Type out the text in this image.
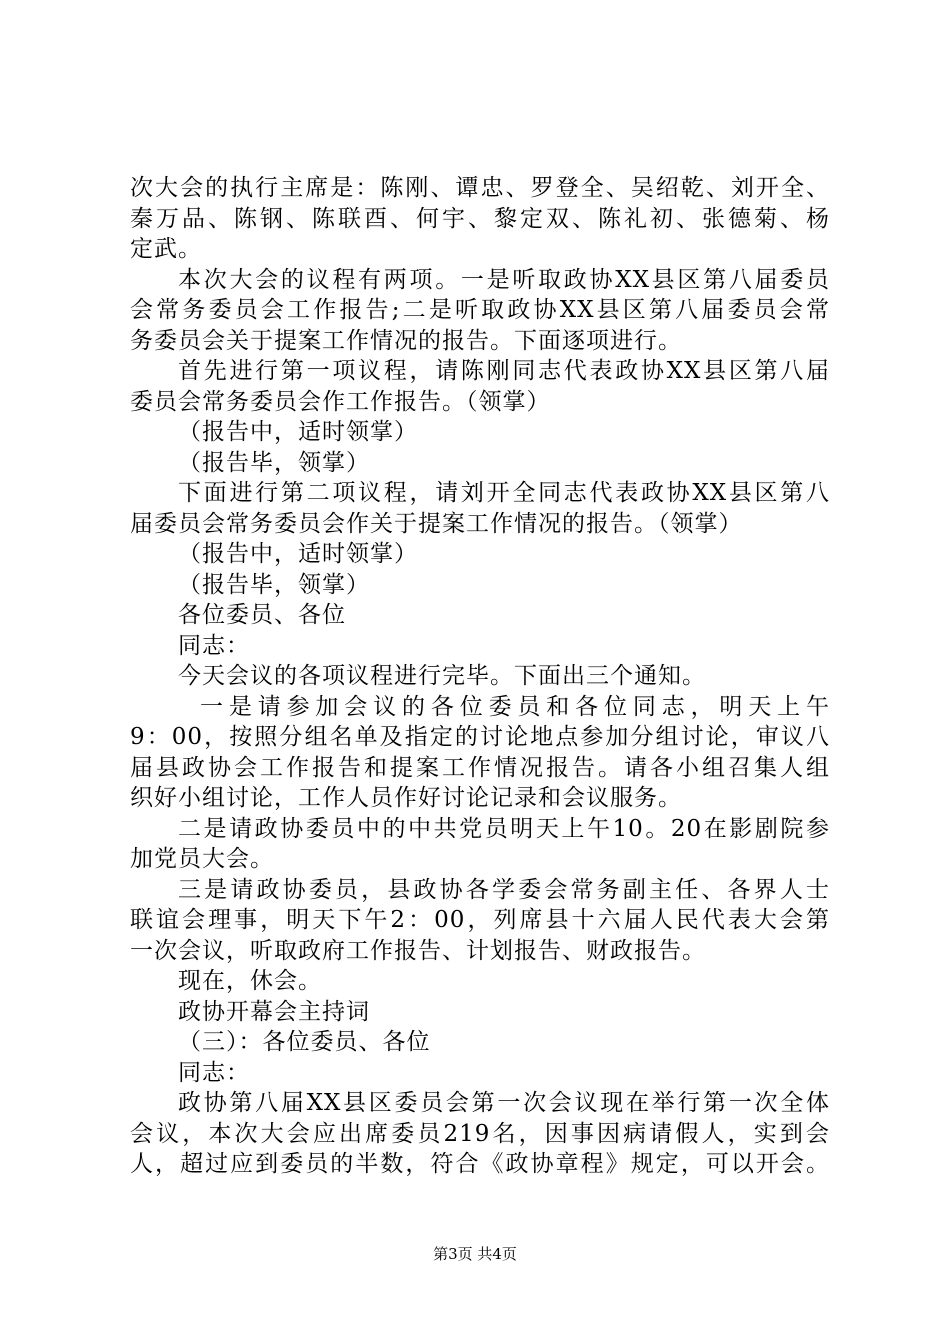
次大会的执行主席是：陈刚、谭忠、罗登全、吴绍乾、刘开全、
秦万品、陈钢、陈联酉、何宇、黎定双、陈礼初、张德菊、杨
定武。
本次大会的议程有两项。一是听取政协XX县区第八届委员
会常务委员会工作报告;二是听取政协XX县区第八届委员会常
务委员会关于提案工作情况的报告。下面逐项进行。
首先进行第一项议程，请陈刚同志代表政协XX县区第八届
委员会常务委员会作工作报告。（领掌）
（报告中，适时领掌）
（报告毕，领掌）
下面进行第二项议程，请刘开全同志代表政协XX县区第八
届委员会常务委员会作关于提案工作情况的报告。（领掌）
（报告中，适时领掌）
（报告毕，领掌）
各位委员、各位
同志：
今天会议的各项议程进行完毕。下面出三个通知。
一是请参加会议的各位委员和各位同志，明天上午
9：00，按照分组名单及指定的讨论地点参加分组讨论，审议八
届县政协会工作报告和提案工作情况报告。请各小组召集人组
织好小组讨论，工作人员作好讨论记录和会议服务。
二是请政协委员中的中共党员明天上午10。20在影剧院参
加党员大会。
三是请政协委员，县政协各学委会常务副主任、各界人士
联谊会理事，明天下午2：00，列席县十六届人民代表大会第
一次会议，听取政府工作报告、计划报告、财政报告。
现在，休会。
政协开幕会主持词
（三）：各位委员、各位
同志：
政协第八届XX县区委员会第一次会议现在举行第一次全体
会议，本次大会应出席委员219名，因事因病请假人，实到会
人，超过应到委员的半数，符合《政协章程》规定，可以开会。
第3页 共4页
